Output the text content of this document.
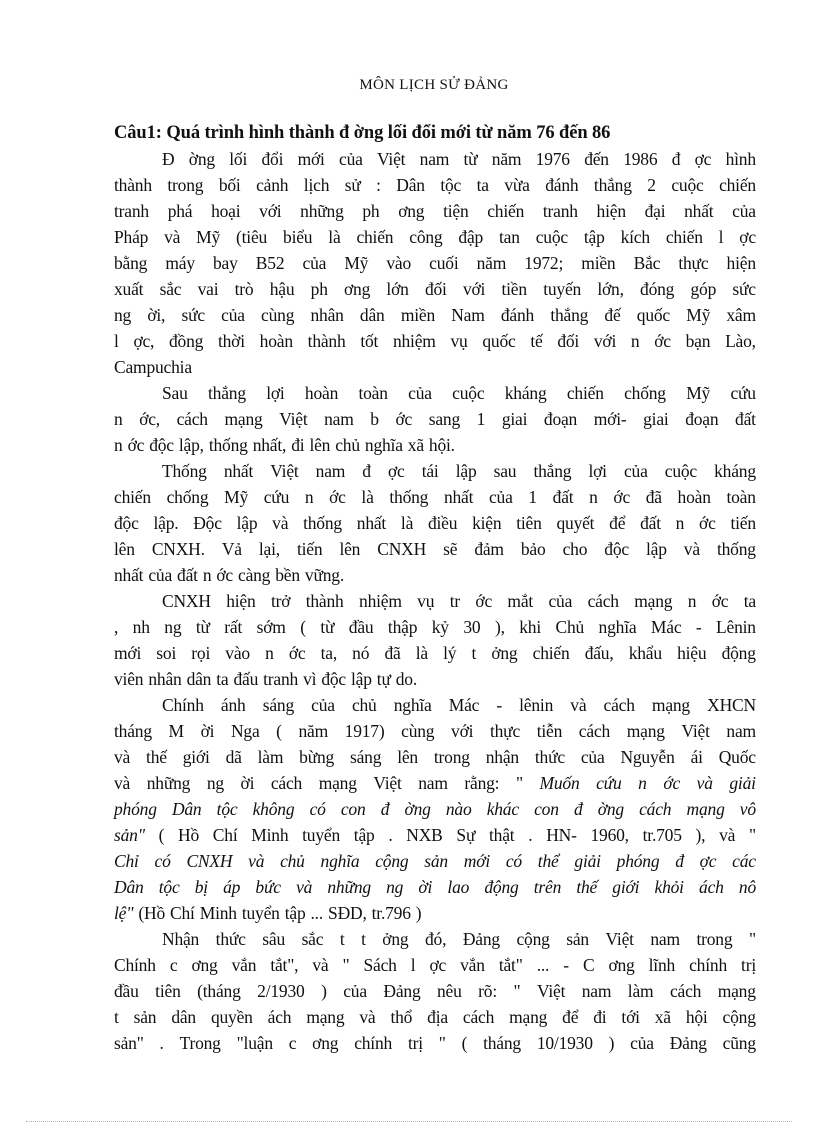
MÔN LỊCH SỬ ĐẢNG
Câu1: Quá trình hình thành đ ờng lối đổi mới từ năm 76 đến 86
Đ ờng lối đổi mới của Việt nam từ năm 1976 đến 1986 đ ợc hình
thành trong bối cảnh lịch sử : Dân tộc ta vừa đánh thắng 2 cuộc chiến
tranh phá hoại với những ph ơng tiện chiến tranh hiện đại nhất của
Pháp và Mỹ (tiêu biểu là chiến công đập tan cuộc tập kích chiến l ợc
bằng máy bay B52 của Mỹ vào cuối năm 1972; miền Bắc thực hiện
xuất sắc vai trò hậu ph ơng lớn đối với tiền tuyến lớn, đóng góp sức
ng ời, sức của cùng nhân dân miền Nam đánh thắng đế quốc Mỹ xâm
l ợc, đồng thời hoàn thành tốt nhiệm vụ quốc tế đối với n ớc bạn Lào,
Campuchia
Sau thắng lợi hoàn toàn của cuộc kháng chiến chống Mỹ cứu
n ớc, cách mạng Việt nam b ớc sang 1 giai đoạn mới- giai đoạn đất
n ớc độc lập, thống nhất, đi lên chủ nghĩa xã hội.
Thống nhất Việt nam đ ợc tái lập sau thắng lợi của cuộc kháng
chiến chống Mỹ cứu n ớc là thống nhất của 1 đất n ớc đã hoàn toàn
độc lập. Độc lập và thống nhất là điều kiện tiên quyết để đất n ớc tiến
lên CNXH. Vả lại, tiến lên CNXH sẽ đảm bảo cho độc lập và thống
nhất của đất n ớc càng bền vững.
CNXH hiện trở thành nhiệm vụ tr ớc mắt của cách mạng n ớc ta
, nh ng từ rất sớm ( từ đầu thập kỷ 30 ), khi Chủ nghĩa Mác - Lênin
mới soi rọi vào n ớc ta, nó đã là lý t ởng chiến đấu, khẩu hiệu động
viên nhân dân ta đấu tranh vì độc lập tự do.
Chính ánh sáng của chủ nghĩa Mác - lênin và cách mạng XHCN
tháng M ời Nga ( năm 1917) cùng với thực tiễn cách mạng Việt nam
và thế giới dã làm bừng sáng lên trong nhận thức của Nguyễn ái Quốc
và những ng ời cách mạng Việt nam rằng: " Muốn cứu n ớc và giải
phóng Dân tộc không có con đ ờng nào khác con đ ờng cách mạng vô
sản" ( Hồ Chí Minh tuyển tập . NXB Sự thật . HN- 1960, tr.705 ), và "
Chỉ có CNXH và chủ nghĩa cộng sản mới có thể giải phóng đ ợc các
Dân tộc bị áp bức và những ng ời lao động trên thế giới khỏi ách nô
lệ" (Hồ Chí Minh tuyển tập ... SĐD, tr.796 )
Nhận thức sâu sắc t t ởng đó, Đảng cộng sản Việt nam trong "
Chính c ơng vắn tắt", và " Sách l ợc vắn tắt" ... - C ơng lĩnh chính trị
đầu tiên (tháng 2/1930 ) của Đảng nêu rõ: " Việt nam làm cách mạng
t sản dân quyền ách mạng và thổ địa cách mạng để đi tới xã hội cộng
sản" . Trong "luận c ơng chính trị " ( tháng 10/1930 ) của Đảng cũng
